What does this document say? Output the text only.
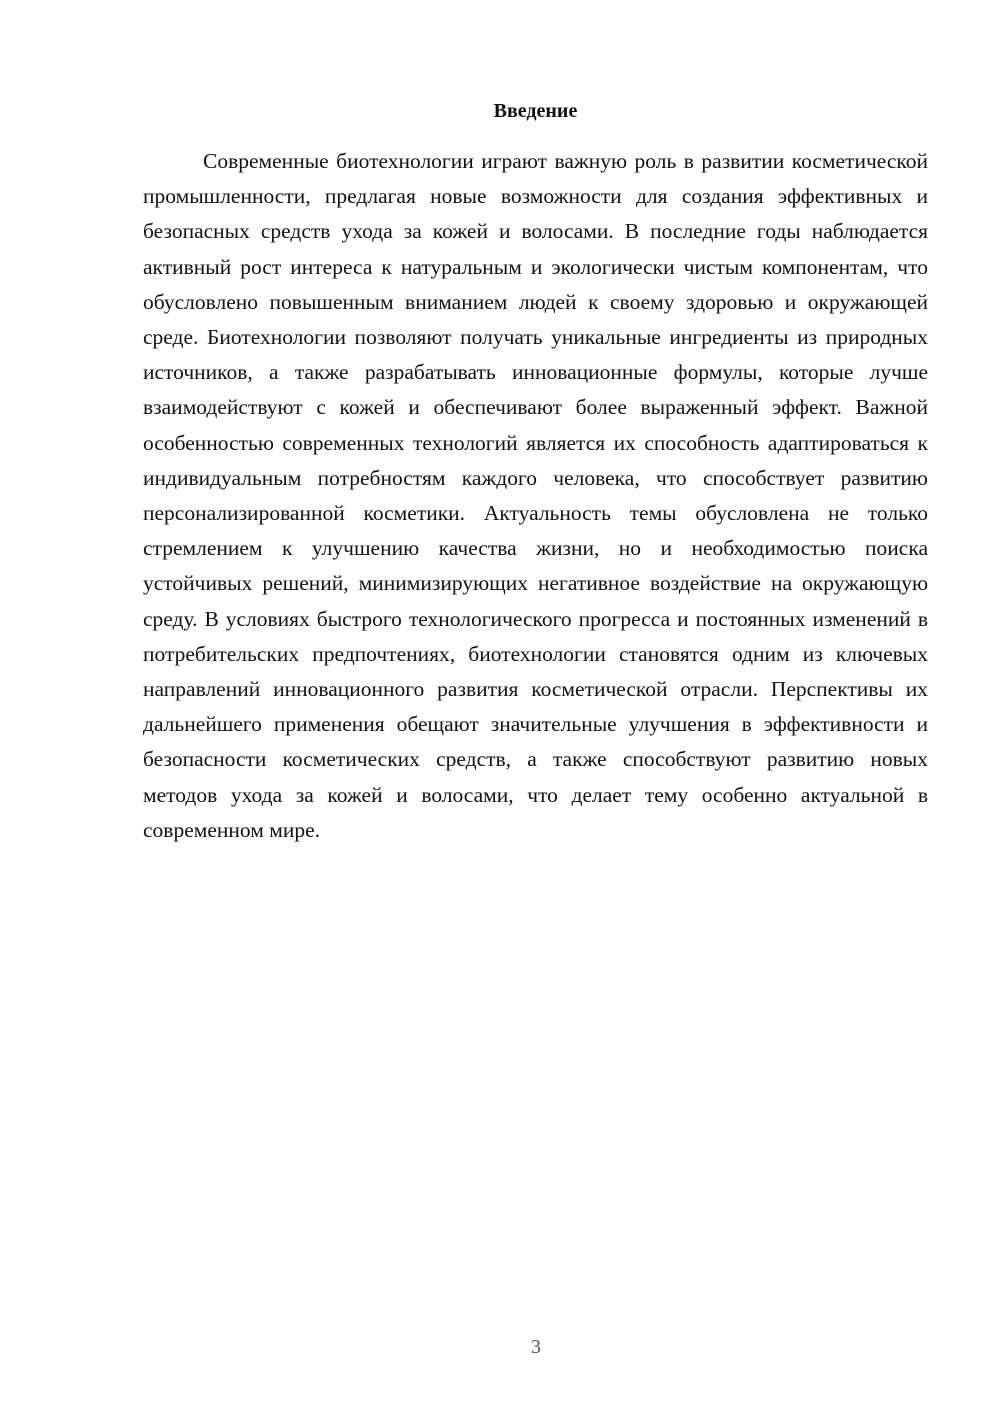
Введение

Современные биотехнологии играют важную роль в развитии косметической промышленности, предлагая новые возможности для создания эффективных и безопасных средств ухода за кожей и волосами. В последние годы наблюдается активный рост интереса к натуральным и экологически чистым компонентам, что обусловлено повышенным вниманием людей к своему здоровью и окружающей среде. Биотехнологии позволяют получать уникальные ингредиенты из природных источников, а также разрабатывать инновационные формулы, которые лучше взаимодействуют с кожей и обеспечивают более выраженный эффект. Важной особенностью современных технологий является их способность адаптироваться к индивидуальным потребностям каждого человека, что способствует развитию персонализированной косметики. Актуальность темы обусловлена не только стремлением к улучшению качества жизни, но и необходимостью поиска устойчивых решений, минимизирующих негативное воздействие на окружающую среду. В условиях быстрого технологического прогресса и постоянных изменений в потребительских предпочтениях, биотехнологии становятся одним из ключевых направлений инновационного развития косметической отрасли. Перспективы их дальнейшего применения обещают значительные улучшения в эффективности и безопасности косметических средств, а также способствуют развитию новых методов ухода за кожей и волосами, что делает тему особенно актуальной в современном мире.

3
